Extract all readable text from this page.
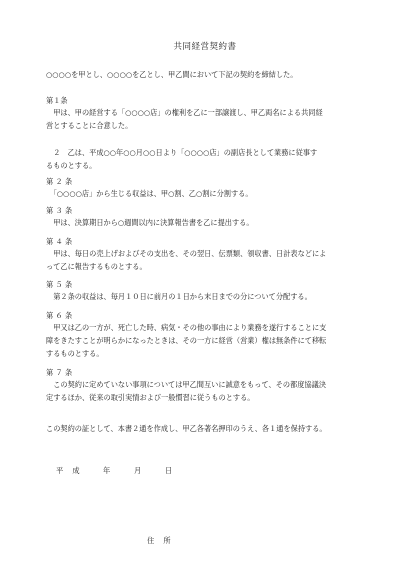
共同経営契約書
○○○○を甲とし、○○○○を乙とし、甲乙間において下記の契約を締結した。
第１条
　甲は、甲の経営する「○○○○店」の権利を乙に一部譲渡し、甲乙両名による共同経
営とすることに合意した。
　２　乙は、平成○○年○○月○○日より「○○○○店」の副店長として業務に従事す
るものとする。
第 ２ 条
　「○○○○店」から生じる収益は、甲○割、乙○割に分割する。
第 ３ 条
　甲は、決算期日から○週間以内に決算報告書を乙に提出する。
第 ４ 条
　甲は、毎日の売上げおよびその支出を、その翌日、伝票類、領収書、日計表などによ
って乙に報告するものとする。
第 ５ 条
　第２条の収益は、毎月１０日に前月の１日から末日までの分について分配する。
第 ６ 条
　甲又は乙の一方が、死亡した時、病気・その他の事由により業務を遂行することに支
障をきたすことが明らかになったときは、その一方に経営（営業）権は無条件にて移転
するものとする。
第 ７ 条
　この契約に定めていない事項については甲乙間互いに誠意をもって、その都度協議決
定するほか、従来の取引実情および一般慣習に従うものとする。
この契約の証として、本書２通を作成し、甲乙各著名押印のうえ、各１通を保持する。
平　成	年	月	日
住　所
